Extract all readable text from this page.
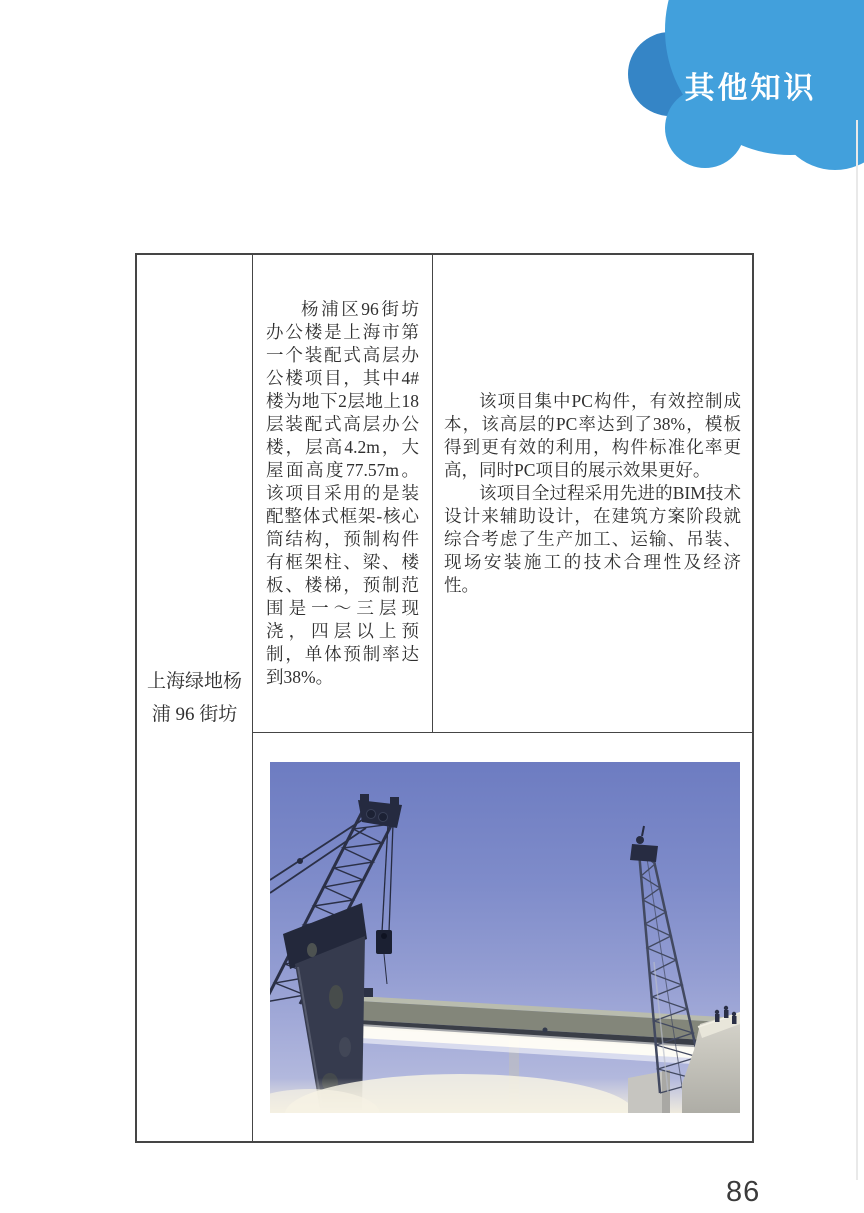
其他知识
上海绿地杨浦 96 街坊

杨浦区96街坊办公楼是上海市第一个装配式高层办公楼项目，其中4#楼为地下2层地上18层装配式高层办公楼，层高4.2m，大屋面高度77.57m。该项目采用的是装配整体式框架-核心筒结构，预制构件有框架柱、梁、楼板、楼梯，预制范围是一～三层现浇，四层以上预制，单体预制率达到38%。

该项目集中PC构件，有效控制成本，该高层的PC率达到了38%，模板得到更有效的利用，构件标准化率更高，同时PC项目的展示效果更好。

该项目全过程采用先进的BIM技术设计来辅助设计，在建筑方案阶段就综合考虑了生产加工、运输、吊装、现场安装施工的技术合理性及经济性。

86
